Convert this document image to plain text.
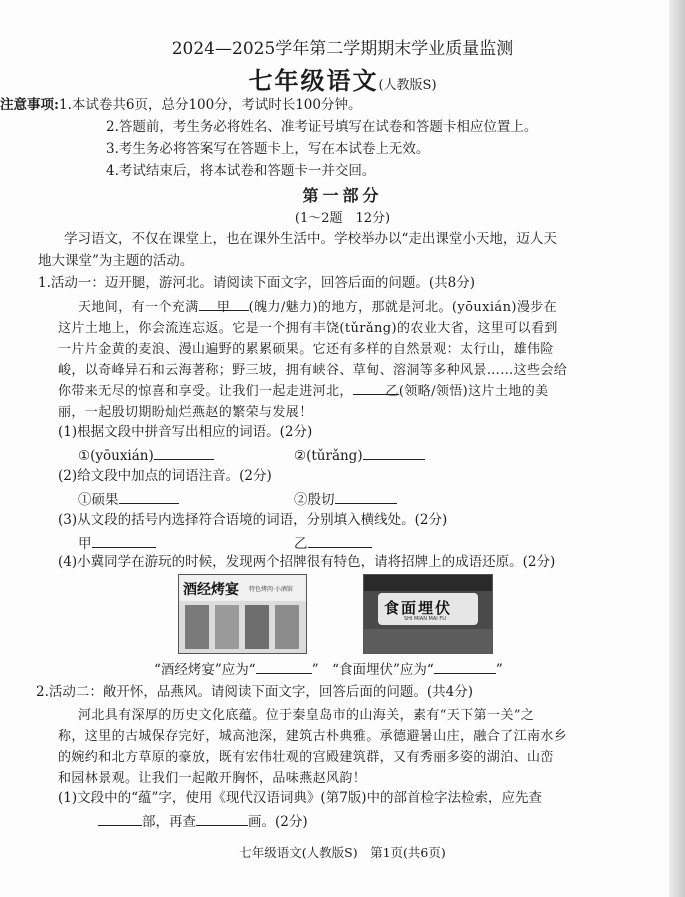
2024—2025学年第二学期期末学业质量监测
七年级语文(人教版S)
注意事项:1.本试卷共6页，总分100分，考试时长100分钟。
2.答题前，考生务必将姓名、准考证号填写在试卷和答题卡相应位置上。
3.考生务必将答案写在答题卡上，写在本试卷上无效。
4.考试结束后，将本试卷和答题卡一并交回。
第一部分
(1～2题　12分)
学习语文，不仅在课堂上，也在课外生活中。学校举办以“走出课堂小天地，迈人天
地大课堂”为主题的活动。
1.活动一：迈开腿，游河北。请阅读下面文字，回答后面的问题。(共8分)
天地间，有一个充满 甲 (魄力/魅力)的地方，那就是河北。(yōuxián)漫步在
这片土地上，你会流连忘返。它是一个拥有丰饶(tǔrǎng)的农业大省，这里可以看到
一片片金黄的麦浪、漫山遍野的累累硕果。它还有多样的自然景观：太行山，雄伟险
峻，以奇峰异石和云海著称；野三坡，拥有峡谷、草甸、溶洞等多种风景……这些会给
你带来无尽的惊喜和享受。让我们一起走进河北，	乙(领略/领悟)这片土地的美
丽，一起殷切期盼灿烂燕赵的繁荣与发展！
(1)根据文段中拼音写出相应的词语。(2分)
①(yōuxián)	②(tǔrǎng)
(2)给文段中加点的词语注音。(2分)
①硕果	②殷切
(3)从文段的括号内选择符合语境的词语，分别填入横线处。(2分)
甲	乙
(4)小冀同学在游玩的时候，发现两个招牌很有特色，请将招牌上的成语还原。(2分)
酒经烤宴 特色烤肉·小酒馆
食面埋伏
SHI MIAN MAI FU
“酒经烤宴”应为“	”　“食面埋伏”应为“	”
2.活动二：敞开怀，品燕风。请阅读下面文字，回答后面的问题。(共4分)
河北具有深厚的历史文化底蕴。位于秦皇岛市的山海关，素有“天下第一关”之
称，这里的古城保存完好，城高池深，建筑古朴典雅。承德避暑山庄，融合了江南水乡
的婉约和北方草原的豪放，既有宏伟壮观的宫殿建筑群，又有秀丽多姿的湖泊、山峦
和园林景观。让我们一起敞开胸怀，品味燕赵风韵！
(1)文段中的“蕴”字，使用《现代汉语词典》(第7版)中的部首检字法检索，应先查
部，再查	画。(2分)
七年级语文(人教版S)　第1页(共6页)
